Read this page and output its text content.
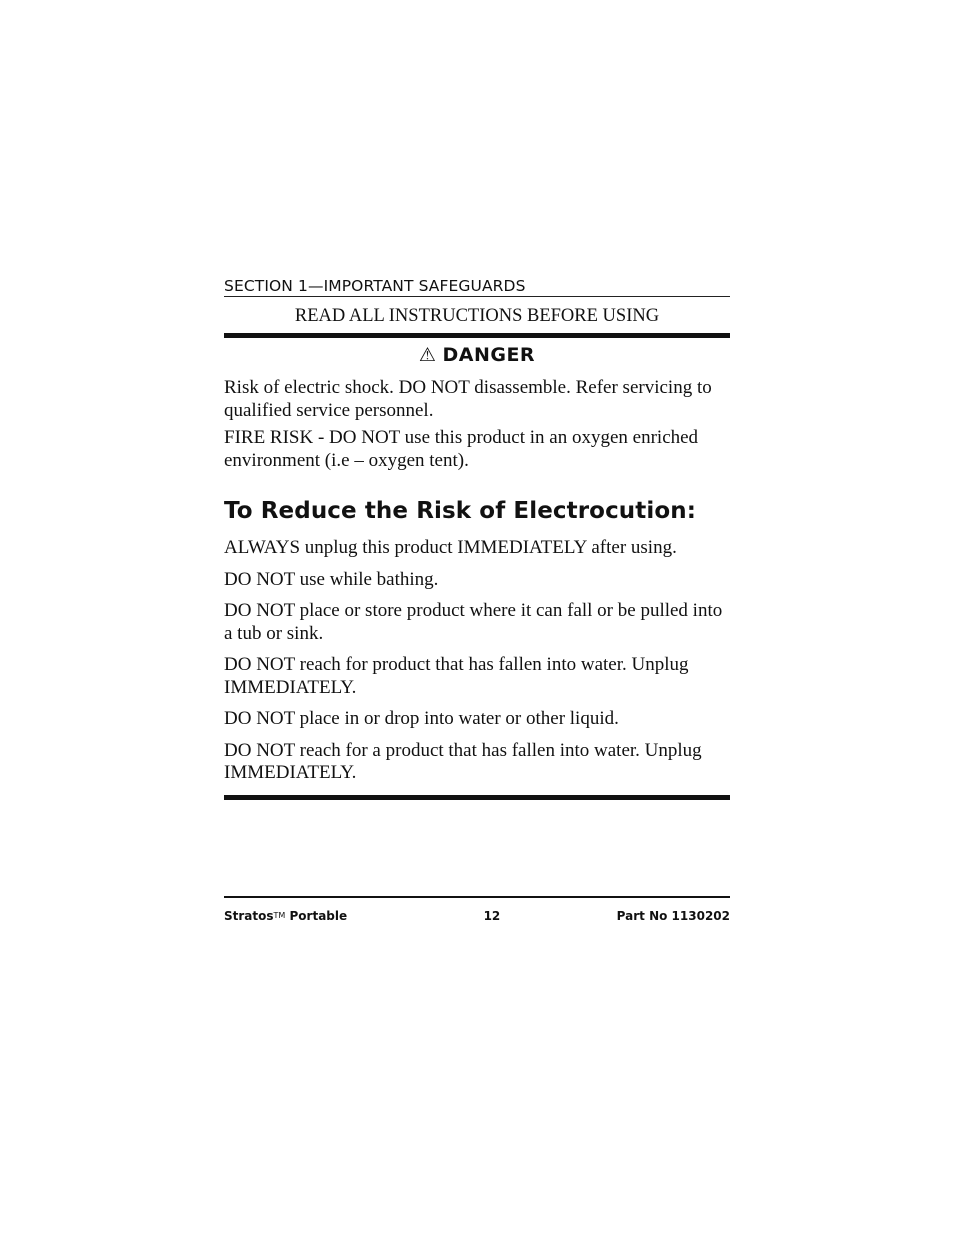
SECTION 1—IMPORTANT SAFEGUARDS
READ ALL INSTRUCTIONS BEFORE USING
⚠ DANGER

Risk of electric shock. DO NOT disassemble. Refer servicing to qualified service personnel.

FIRE RISK - DO NOT use this product in an oxygen enriched environment (i.e – oxygen tent).

To Reduce the Risk of Electrocution:

ALWAYS unplug this product IMMEDIATELY after using.

DO NOT use while bathing.

DO NOT place or store product where it can fall or be pulled into a tub or sink.

DO NOT reach for product that has fallen into water. Unplug IMMEDIATELY.

DO NOT place in or drop into water or other liquid.

DO NOT reach for a product that has fallen into water. Unplug IMMEDIATELY.

Stratos™ Portable	12	Part No 1130202
